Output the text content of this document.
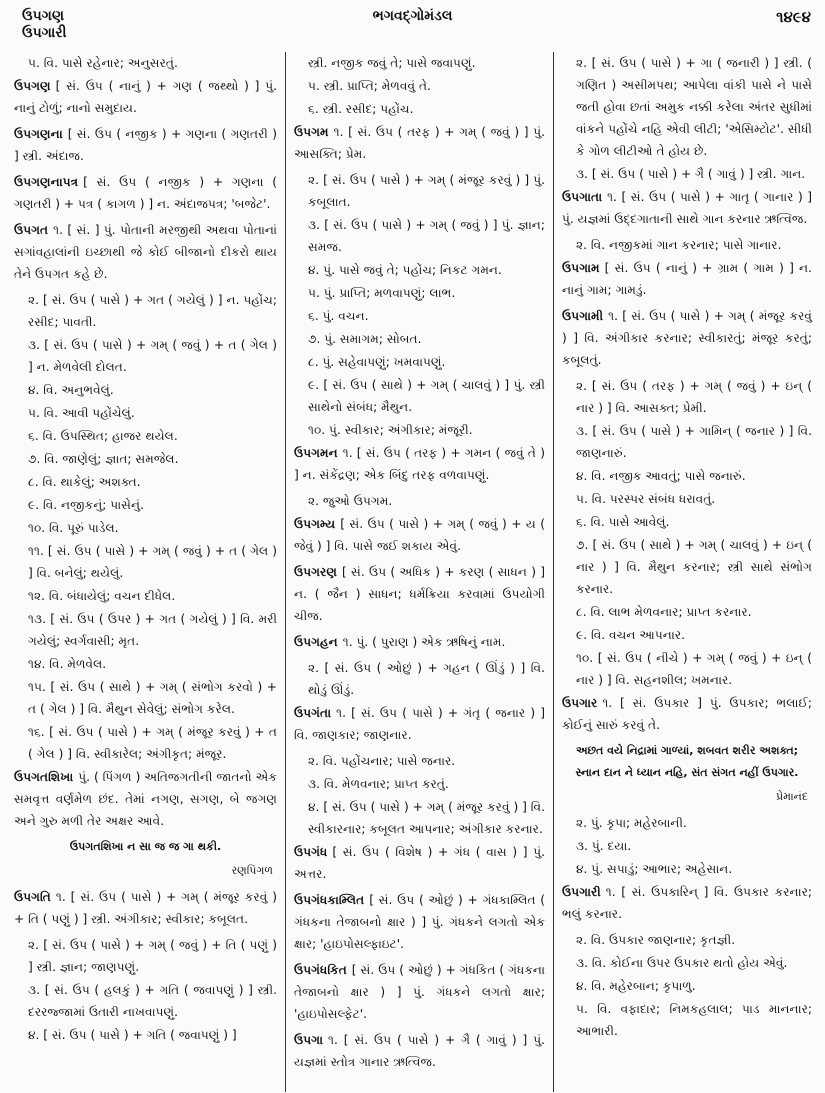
ઉપગણ
ઉપગારી
ભગવદ્ગોમંડલ	૧૪૯૪

૫. વિ. પાસે રહેનાર; અનુસરતું.

ઉપગણ [ સં. ઉપ ( નાનું ) + ગણ ( જથ્થો ) ] પું. નાનું ટોળું; નાનો સમુદાય.

ઉપગણના [ સં. ઉપ ( નજીક ) + ગણના ( ગણતરી ) ] સ્ત્રી. અંદાજ.

ઉપગણનાપત્ર [ સં. ઉપ ( નજીક ) + ગણના ( ગણતરી ) + પત્ર ( કાગળ ) ] ન. અંદાજપત્ર; 'બજેટ'.

ઉપગત ૧. [ સં. ] પું. પોતાની મરજીથી અથવા પોતાનાં સગાંવહાલાંની ઇચ્છાથી જે કોઈ બીજાનો દીકરો થાય તેને ઉપગત કહે છે.

૨. [ સં. ઉપ ( પાસે ) + ગત ( ગયેલું ) ] ન. પહોંચ; રસીદ; પાવતી.

૩. [ સં. ઉપ ( પાસે ) + ગમ્ ( જવું ) + ત ( ગેલ ) ] ન. મેળવેલી દોલત.

૪. વિ. અનુભવેલું.

૫. વિ. આવી પહોંચેલું.

૬. વિ. ઉપસ્થિત; હાજર થયેલ.

૭. વિ. જાણેલું; જ્ઞાત; સમજેલ.

૮. વિ. થાકેલું; અશક્ત.

૯. વિ. નજીકનું; પાસેનું.

૧૦. વિ. પૂરું પાડેલ.

૧૧. [ સં. ઉપ ( પાસે ) + ગમ્ ( જવું ) + ત ( ગેલ ) ] વિ. બનેલું; થયેલું.

૧૨. વિ. બંધાયેલું; વચન દીધેલ.

૧૩. [ સં. ઉપ ( ઉપર ) + ગત ( ગયેલું ) ] વિ. મરી ગયેલું; સ્વર્ગવાસી; મૃત.

૧૪. વિ. મેળવેલ.

૧૫. [ સં. ઉપ ( સાથે ) + ગમ્ ( સંભોગ કરવો ) + ત ( ગેલ ) ] વિ. મૈથુન સેવેલું; સંભોગ કરેલ.

૧૬. [ સં. ઉપ ( પાસે ) + ગમ્ ( મંજૂર કરવું ) + ત ( ગેલ ) ] વિ. સ્વીકારેલ; અંગીકૃત; મંજૂર.

ઉપગતશિખા પું. ( પિંગળ ) અતિજગતીની જાતનો એક સમવૃત્ત વર્ણમેળ છંદ. તેમાં નગણ, સગણ, બે જગણ અને ગુરુ મળી તેર અક્ષર આવે.

ઉપગતશિખા ન સા જ જ ગા થકી.

રણપિંગળ

ઉપગતિ ૧. [ સં. ઉપ ( પાસે ) + ગમ્ ( મંજૂર કરવું ) + તિ ( પણું ) ] સ્ત્રી. અંગીકાર; સ્વીકાર; કબૂલત.

૨. [ સં. ઉપ ( પાસે ) + ગમ્ ( જવું ) + તિ ( પણું ) ] સ્ત્રી. જ્ઞાન; જાણપણું.

૩. [ સં. ઉપ ( હલકું ) + ગતિ ( જવાપણું ) ] સ્ત્રી. દરરજ્જામાં ઉતારી નાખવાપણું.

૪. [ સં. ઉપ ( પાસે ) + ગતિ ( જવાપણું ) ]

સ્ત્રી. નજીક જવું તે; પાસે જવાપણું.

૫. સ્ત્રી. પ્રાપ્તિ; મેળવવું તે.

૬. સ્ત્રી. રસીદ; પહોંચ.

ઉપગમ ૧. [ સં. ઉપ ( તરફ ) + ગમ્ ( જવું ) ] પું. આસક્તિ; પ્રેમ.

૨. [ સં. ઉપ ( પાસે ) + ગમ્ ( મંજૂર કરવું ) ] પું. કબૂલાત.

૩. [ સં. ઉપ ( પાસે ) + ગમ્ ( જવું ) ] પું. જ્ઞાન; સમજ.

૪. પું. પાસે જવું તે; પહોંચ; નિકટ ગમન.

૫. પું. પ્રાપ્તિ; મળવાપણું; લાભ.

૬. પું. વચન.

૭. પું. સમાગમ; સોબત.

૮. પું. સહેવાપણું; ખમવાપણું.

૯. [ સં. ઉપ ( સાથે ) + ગમ્ ( ચાલવું ) ] પું. સ્ત્રી સાથેનો સંબંધ; મૈથુન.

૧૦. પું. સ્વીકાર; અંગીકાર; મંજૂરી.

ઉપગમન ૧. [ સં. ઉપ ( તરફ ) + ગમન ( જવું તે ) ] ન. સંકેંદ્રણ; એક બિંદુ તરફ વળવાપણું.

૨. જુઓ ઉપગમ.

ઉપગમ્ય [ સં. ઉપ ( પાસે ) + ગમ્ ( જવું ) + ય ( જેવું ) ] વિ. પાસે જઈ શકાય એવું.

ઉપગરણ [ સં. ઉપ ( અધિક ) + કરણ ( સાધન ) ] ન. ( જૈન ) સાધન; ધર્મક્રિયા કરવામાં ઉપયોગી ચીજ.

ઉપગહન ૧. પું. ( પુરાણ ) એક ઋષિનું નામ.

૨. [ સં. ઉપ ( ઓછું ) + ગહન ( ઊંડું ) ] વિ. થોડું ઊંડું.

ઉપગંતા ૧. [ સં. ઉપ ( પાસે ) + ગંતૃ ( જનાર ) ] વિ. જાણકાર; જાણનાર.

૨. વિ. પહોંચનાર; પાસે જનાર.

૩. વિ. મેળવનાર; પ્રાપ્ત કરતું.

૪. [ સં. ઉપ ( પાસે ) + ગમ્ ( મંજૂર કરવું ) ] વિ. સ્વીકારનાર; કબૂલત આપનાર; અંગીકાર કરનાર.

ઉપગંધ [ સં. ઉપ ( વિશેષ ) + ગંધ ( વાસ ) ] પું. અત્તર.

ઉપગંધકામ્લિત [ સં. ઉપ ( ઓછું ) + ગંધકામ્લિત ( ગંધકના તેજાબનો ક્ષાર ) ] પું. ગંધકને લગતો એક ક્ષાર; 'હાઇપોસલ્ફાઇટ'.

ઉપગંધકિત [ સં. ઉપ ( ઓછું ) + ગંધકિત ( ગંધકના તેજાબનો ક્ષાર ) ] પું. ગંધકને લગતો ક્ષાર; 'હાઇપોસલ્ફેટ'.

ઉપગા ૧. [ સં. ઉપ ( પાસે ) + ગૈ ( ગાવું ) ] પું. યજ્ઞમાં સ્તોત્ર ગાનાર ઋત્વિજ.

૨. [ સં. ઉપ ( પાસે ) + ગા ( જનારી ) ] સ્ત્રી. ( ગણિત ) અસીમપથ; આપેલા વાંકી પાસે ને પાસે જતી હોવા છતાં અમુક નક્કી કરેલા અંતર સુધીમાં વાંકને પહોંચે નહિ એવી લીટી; 'એસિમ્ટોટ'. સીધી કે ગોળ લીટીઓ તે હોય છે.

૩. [ સં. ઉપ ( પાસે ) + ગૈ ( ગાવું ) ] સ્ત્રી. ગાન.

ઉપગાતા ૧. [ સં. ઉપ ( પાસે ) + ગાતૃ ( ગાનાર ) ] પું. યજ્ઞમાં ઉદ્દગાતાની સાથે ગાન કરનાર ઋત્વિજ.

૨. વિ. નજીકમાં ગાન કરનાર; પાસે ગાનાર.

ઉપગામ [ સં. ઉપ ( નાનું ) + ગ્રામ ( ગામ ) ] ન. નાનું ગામ; ગામડું.

ઉપગામી ૧. [ સં. ઉપ ( પાસે ) + ગમ્ ( મંજૂર કરવું ) ] વિ. અંગીકાર કરનાર; સ્વીકારતું; મંજૂર કરતું; કબૂલતું.

૨. [ સં. ઉપ ( તરફ ) + ગમ્ ( જવું ) + ઇન્ ( નાર ) ] વિ. આસક્ત; પ્રેમી.

૩. [ સં. ઉપ ( પાસે ) + ગામિન્ ( જનાર ) ] વિ. જાણનારું.

૪. વિ. નજીક આવતું; પાસે જનારું.

૫. વિ. પરસ્પર સંબંધ ધરાવતું.

૬. વિ. પાસે આવેલું.

૭. [ સં. ઉપ ( સાથે ) + ગમ્ ( ચાલવું ) + ઇન્ ( નાર ) ] વિ. મૈથુન કરનાર; સ્ત્રી સાથે સંભોગ કરનાર.

૮. વિ. લાભ મેળવનાર; પ્રાપ્ત કરનાર.

૯. વિ. વચન આપનાર.

૧૦. [ સં. ઉપ ( નીચે ) + ગમ્ ( જવું ) + ઇન્ ( નાર ) ] વિ. સહનશીલ; ખમનાર.

ઉપગાર ૧. [ સં. ઉપકાર ] પું. ઉપકાર; ભલાઈ; કોઈનું સારું કરવું તે.

અછત વયે નિદ્રામાં ગાળ્યાં, શબવત શરીર અશક્ત; સ્નાન દાન ને ધ્યાન નહિ, સંત સંગત નહીં ઉપગાર.

પ્રેમાનંદ

૨. પું. કૃપા; મહેરબાની.

૩. પું. દયા.

૪. પું. સપાડું; આભાર; અહેસાન.

ઉપગારી ૧. [ સં. ઉપકારિન્ ] વિ. ઉપકાર કરનાર; ભલું કરનાર.

૨. વિ. ઉપકાર જાણનાર; કૃતજ્ઞી.

૩. વિ. કોઈના ઉપર ઉપકાર થતો હોય એવું.

૪. વિ. મહેરબાન; કૃપાળુ.

૫. વિ. વફાદાર; નિમકહલાલ; પાડ માનનાર; આભારી.
